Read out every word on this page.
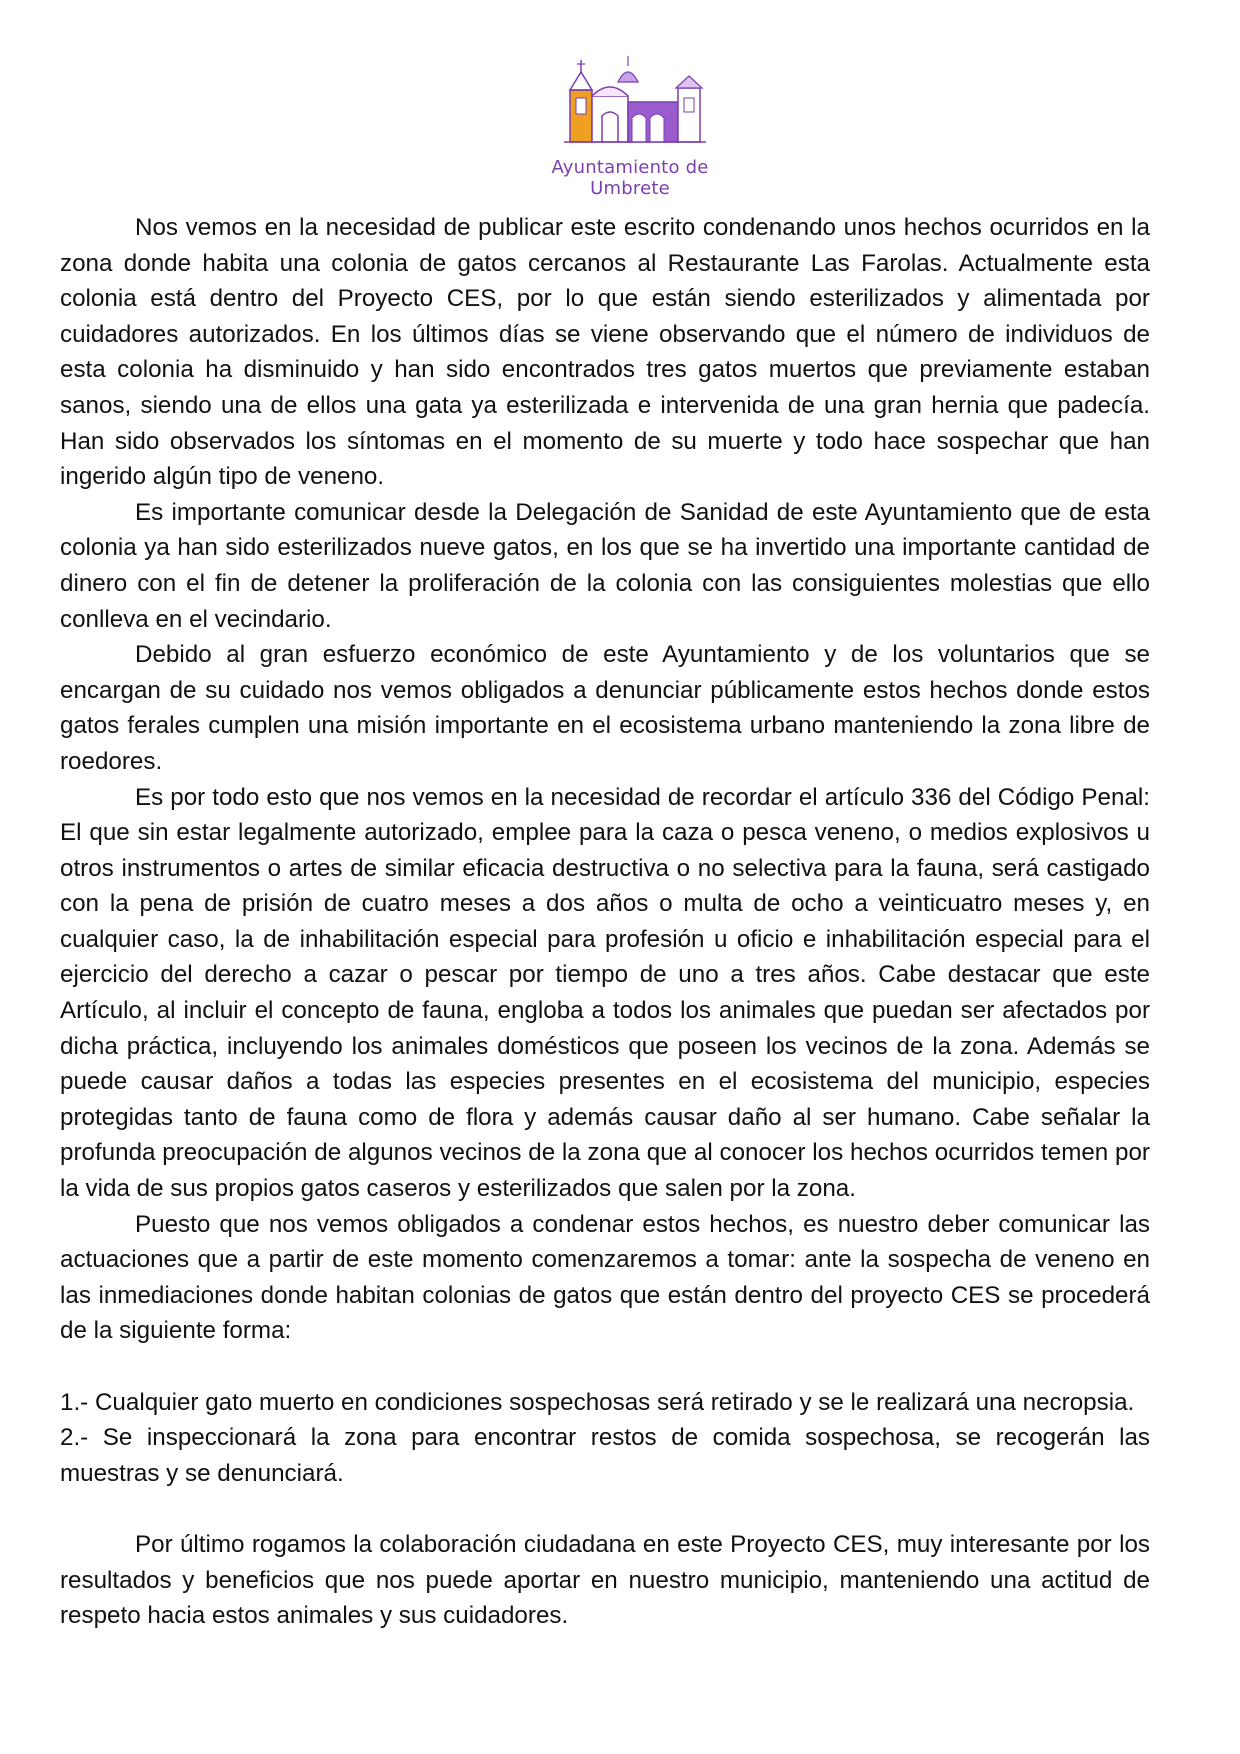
Ayuntamiento de Umbrete

Nos vemos en la necesidad de publicar este escrito condenando unos hechos ocurridos en la zona donde habita una colonia de gatos cercanos al Restaurante Las Farolas. Actualmente esta colonia está dentro del Proyecto CES, por lo que están siendo esterilizados y alimentada por cuidadores autorizados. En los últimos días se viene observando que el número de individuos de esta colonia ha disminuido y han sido encontrados tres gatos muertos que previamente estaban sanos, siendo una de ellos una gata ya esterilizada e intervenida de una gran hernia que padecía. Han sido observados los síntomas en el momento de su muerte y todo hace sospechar que han ingerido algún tipo de veneno.

Es importante comunicar desde la Delegación de Sanidad de este Ayuntamiento que de esta colonia ya han sido esterilizados nueve gatos, en los que se ha invertido una importante cantidad de dinero con el fin de detener la proliferación de la colonia con las consiguientes molestias que ello conlleva en el vecindario.

Debido al gran esfuerzo económico de este Ayuntamiento y de los voluntarios que se encargan de su cuidado nos vemos obligados a denunciar públicamente estos hechos donde estos gatos ferales cumplen una misión importante en el ecosistema urbano manteniendo la zona libre de roedores.

Es por todo esto que nos vemos en la necesidad de recordar el artículo 336 del Código Penal: El que sin estar legalmente autorizado, emplee para la caza o pesca veneno, o medios explosivos u otros instrumentos o artes de similar eficacia destructiva o no selectiva para la fauna, será castigado con la pena de prisión de cuatro meses a dos años o multa de ocho a veinticuatro meses y, en cualquier caso, la de inhabilitación especial para profesión u oficio e inhabilitación especial para el ejercicio del derecho a cazar o pescar por tiempo de uno a tres años. Cabe destacar que este Artículo, al incluir el concepto de fauna, engloba a todos los animales que puedan ser afectados por dicha práctica, incluyendo los animales domésticos que poseen los vecinos de la zona. Además se puede causar daños a todas las especies presentes en el ecosistema del municipio, especies protegidas tanto de fauna como de flora y además causar daño al ser humano. Cabe señalar la profunda preocupación de algunos vecinos de la zona que al conocer los hechos ocurridos temen por la vida de sus propios gatos caseros y esterilizados que salen por la zona.

Puesto que nos vemos obligados a condenar estos hechos, es nuestro deber comunicar las actuaciones que a partir de este momento comenzaremos a tomar: ante la sospecha de veneno en las inmediaciones donde habitan colonias de gatos que están dentro del proyecto CES se procederá de la siguiente forma:

1.- Cualquier gato muerto en condiciones sospechosas será retirado y se le realizará una necropsia.

2.- Se inspeccionará la zona para encontrar restos de comida sospechosa, se recogerán las muestras y se denunciará.

Por último rogamos la colaboración ciudadana en este Proyecto CES, muy interesante por los resultados y beneficios que nos puede aportar en nuestro municipio, manteniendo una actitud de respeto hacia estos animales y sus cuidadores.
